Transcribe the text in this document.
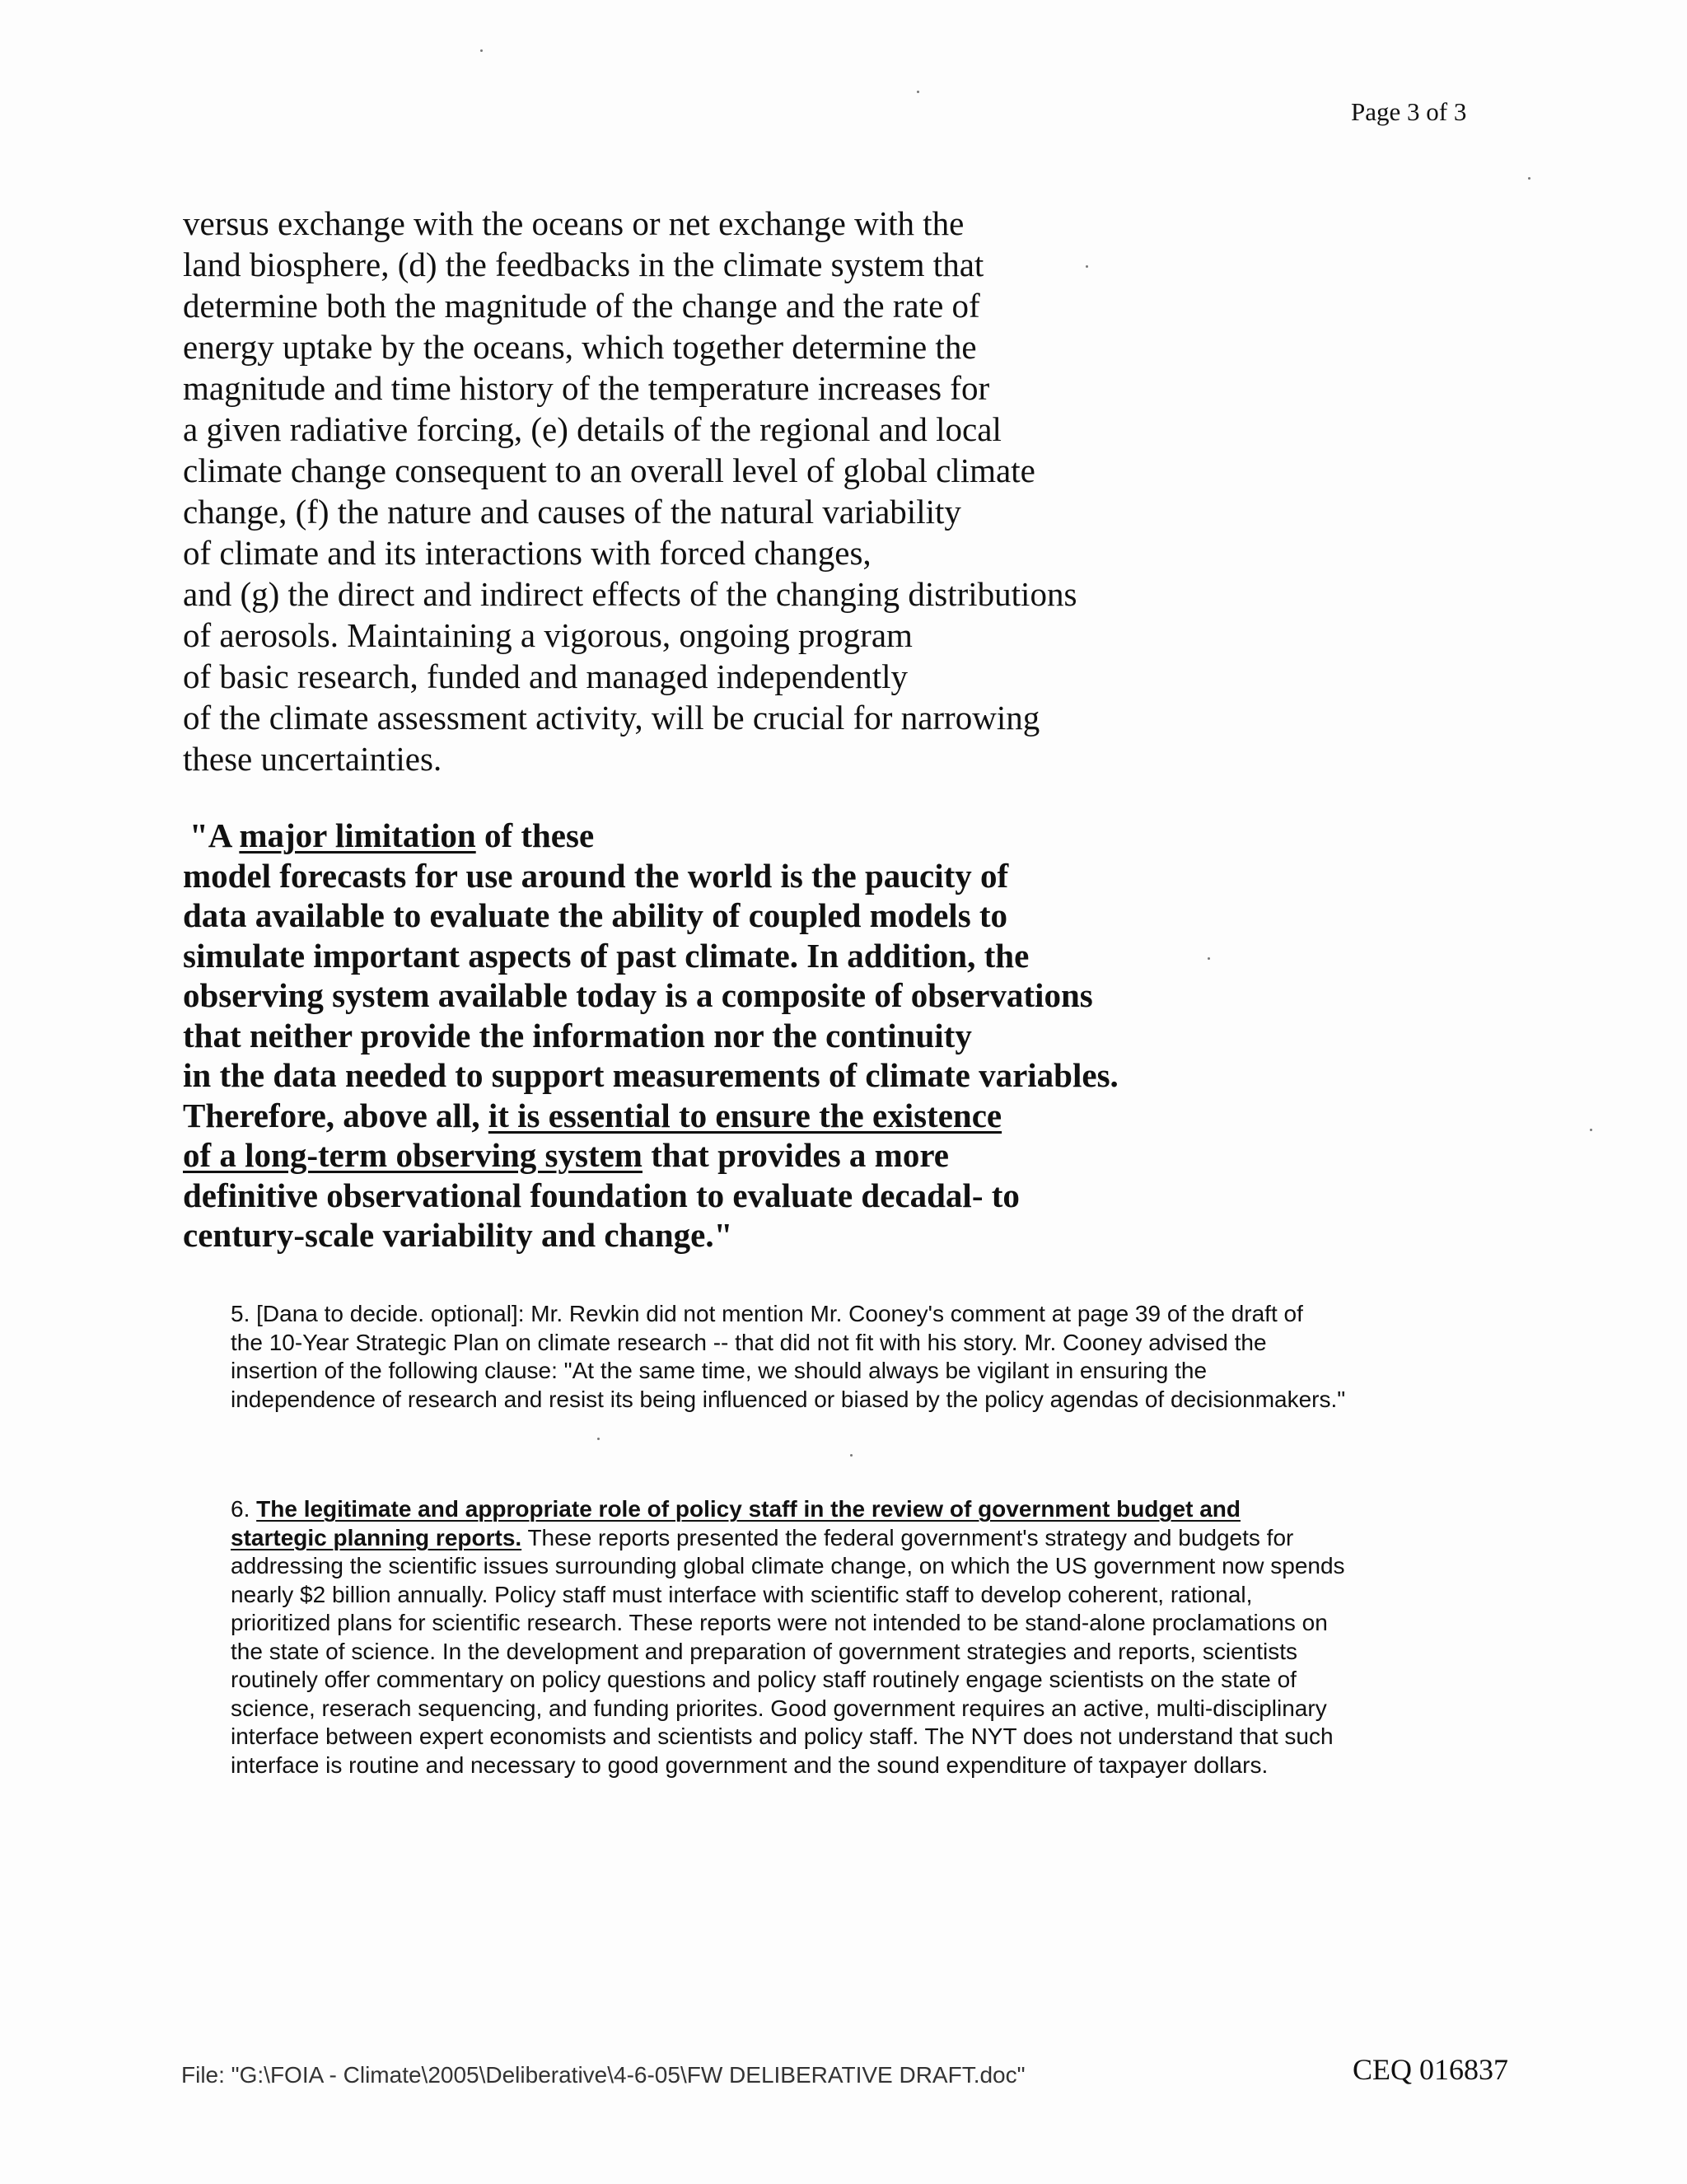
Page 3 of 3
versus exchange with the oceans or net exchange with the
land biosphere, (d) the feedbacks in the climate system that
determine both the magnitude of the change and the rate of
energy uptake by the oceans, which together determine the
magnitude and time history of the temperature increases for
a given radiative forcing, (e) details of the regional and local
climate change consequent to an overall level of global climate
change, (f) the nature and causes of the natural variability
of climate and its interactions with forced changes,
and (g) the direct and indirect effects of the changing distributions
of aerosols. Maintaining a vigorous, ongoing program
of basic research, funded and managed independently
of the climate assessment activity, will be crucial for narrowing
these uncertainties.
"A major limitation of these
model forecasts for use around the world is the paucity of
data available to evaluate the ability of coupled models to
simulate important aspects of past climate. In addition, the
observing system available today is a composite of observations
that neither provide the information nor the continuity
in the data needed to support measurements of climate variables.
Therefore, above all, it is essential to ensure the existence
of a long-term observing system that provides a more
definitive observational foundation to evaluate decadal- to
century-scale variability and change."
5. [Dana to decide. optional]: Mr. Revkin did not mention Mr. Cooney's comment at page 39 of the draft of
the 10-Year Strategic Plan on climate research -- that did not fit with his story. Mr. Cooney advised the
insertion of the following clause: "At the same time, we should always be vigilant in ensuring the
independence of research and resist its being influenced or biased by the policy agendas of decisionmakers."
6. The legitimate and appropriate role of policy staff in the review of government budget and
startegic planning reports. These reports presented the federal government's strategy and budgets for
addressing the scientific issues surrounding global climate change, on which the US government now spends
nearly $2 billion annually. Policy staff must interface with scientific staff to develop coherent, rational,
prioritized plans for scientific research. These reports were not intended to be stand-alone proclamations on
the state of science. In the development and preparation of government strategies and reports, scientists
routinely offer commentary on policy questions and policy staff routinely engage scientists on the state of
science, reserach sequencing, and funding priorites. Good government requires an active, multi-disciplinary
interface between expert economists and scientists and policy staff. The NYT does not understand that such
interface is routine and necessary to good government and the sound expenditure of taxpayer dollars.
File: "G:\FOIA - Climate\2005\Deliberative\4-6-05\FW DELIBERATIVE DRAFT.doc"	CEQ 016837
